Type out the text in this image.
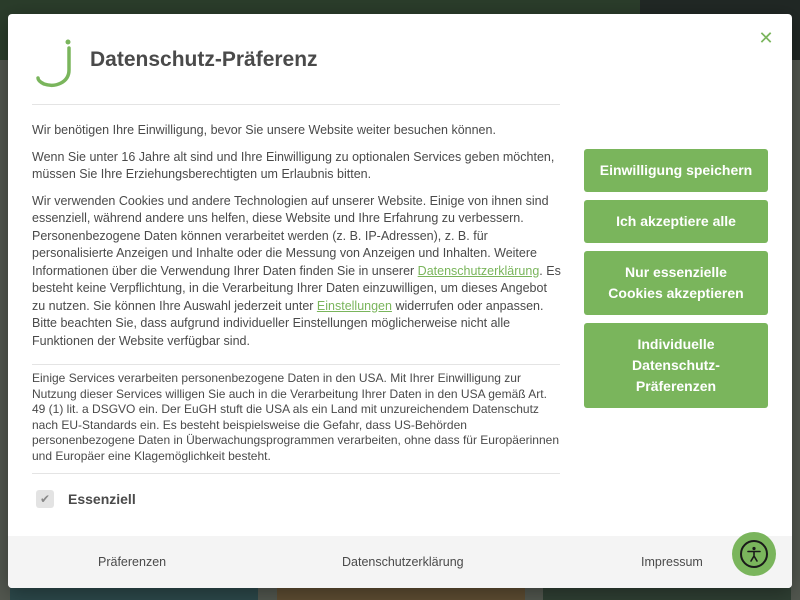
✕
Datenschutz-Präferenz

Wir benötigen Ihre Einwilligung, bevor Sie unsere Website weiter besuchen können.

Wenn Sie unter 16 Jahre alt sind und Ihre Einwilligung zu optionalen Services geben möchten, müssen Sie Ihre Erziehungsberechtigten um Erlaubnis bitten.

Wir verwenden Cookies und andere Technologien auf unserer Website. Einige von ihnen sind essenziell, während andere uns helfen, diese Website und Ihre Erfahrung zu verbessern. Personenbezogene Daten können verarbeitet werden (z. B. IP-Adressen), z. B. für personalisierte Anzeigen und Inhalte oder die Messung von Anzeigen und Inhalten. Weitere Informationen über die Verwendung Ihrer Daten finden Sie in unserer Datenschutzerklärung. Es besteht keine Verpflichtung, in die Verarbeitung Ihrer Daten einzuwilligen, um dieses Angebot zu nutzen. Sie können Ihre Auswahl jederzeit unter Einstellungen widerrufen oder anpassen. Bitte beachten Sie, dass aufgrund individueller Einstellungen möglicherweise nicht alle Funktionen der Website verfügbar sind.

Einige Services verarbeiten personenbezogene Daten in den USA. Mit Ihrer Einwilligung zur Nutzung dieser Services willigen Sie auch in die Verarbeitung Ihrer Daten in den USA gemäß Art. 49 (1) lit. a DSGVO ein. Der EuGH stuft die USA als ein Land mit unzureichendem Datenschutz nach EU-Standards ein. Es besteht beispielsweise die Gefahr, dass US-Behörden personenbezogene Daten in Überwachungsprogrammen verarbeiten, ohne dass für Europäerinnen und Europäer eine Klagemöglichkeit besteht.

✔ Essenziell
Einwilligung speichern
Ich akzeptiere alle
Nur essenzielle Cookies akzeptieren
Individuelle Datenschutz-Präferenzen
Präferenzen	Datenschutzerklärung	Impressum
